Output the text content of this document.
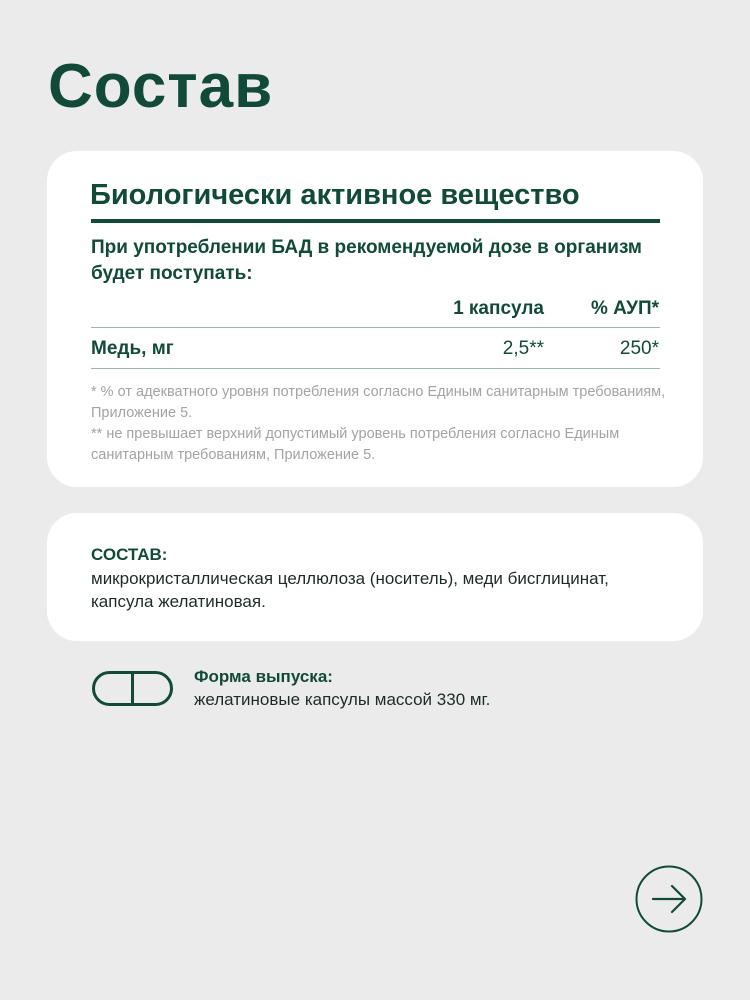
Состав
Биологически активное вещество
При употреблении БАД в рекомендуемой дозе в организм будет поступать:
1 капсула % АУП*
Медь, мг	2,5**	250*
* % от адекватного уровня потребления согласно Единым санитарным требованиям, Приложение 5.
** не превышает верхний допустимый уровень потребления согласно Единым санитарным требованиям, Приложение 5.
СОСТАВ:
микрокристаллическая целлюлоза (носитель), меди бисглицинат, капсула желатиновая.
Форма выпуска:
желатиновые капсулы массой 330 мг.
